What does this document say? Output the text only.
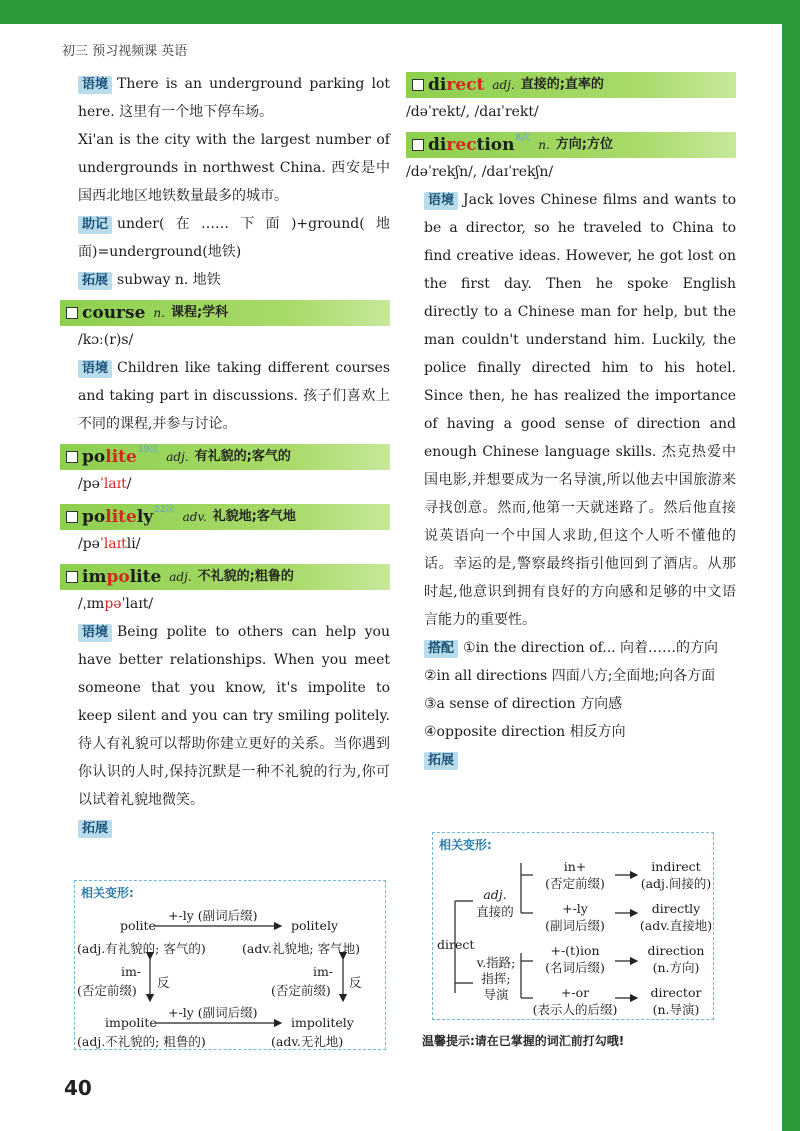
初三 预习视频课 英语
语境 There is an underground parking lot here. 这里有一个地下停车场。
Xi'an is the city with the largest number of undergrounds in northwest China. 西安是中国西北地区地铁数量最多的城市。
助记 under(在……下面)+ground(地面)=underground(地铁)
拓展 subway n. 地铁
course n. 课程;学科
/kɔː(r)s/
语境 Children like taking different courses and taking part in discussions. 孩子们喜欢上不同的课程,并参与讨论。
polite$^{19次}$ adj. 有礼貌的;客气的
/pəˈlaɪt/
politely$^{22次}$ adv. 礼貌地;客气地
/pəˈlaɪtli/
impolite adj. 不礼貌的;粗鲁的
/ˌɪmpəˈlaɪt/
语境 Being polite to others can help you have better relationships. When you meet someone that you know, it's impolite to keep silent and you can try smiling politely. 待人有礼貌可以帮助你建立更好的关系。当你遇到你认识的人时,保持沉默是一种不礼貌的行为,你可以试着礼貌地微笑。
拓展
相关变形:
polite
+-ly (副词后缀)
politely
(adj.有礼貌的; 客气的)	(adv.礼貌地; 客气地)
im-
(否定前缀)
反
im-
(否定前缀)
反
impolite
+-ly (副词后缀)
impolitely
(adj.不礼貌的; 粗鲁的)	(adv.无礼地)
direct adj. 直接的;直率的
/dəˈrekt/, /daɪˈrekt/
direction$^{8次}$ n. 方向;方位
/dəˈrekʃn/, /daɪˈrekʃn/
语境 Jack loves Chinese films and wants to be a director, so he traveled to China to find creative ideas. However, he got lost on the first day. Then he spoke English directly to a Chinese man for help, but the man couldn't understand him. Luckily, the police finally directed him to his hotel. Since then, he has realized the importance of having a good sense of direction and enough Chinese language skills. 杰克热爱中国电影,并想要成为一名导演,所以他去中国旅游来寻找创意。然而,他第一天就迷路了。然后他直接说英语向一个中国人求助,但这个人听不懂他的话。幸运的是,警察最终指引他回到了酒店。从那时起,他意识到拥有良好的方向感和足够的中文语言能力的重要性。
搭配 ①in the direction of... 向着……的方向
②in all directions 四面八方;全面地;向各方面
③a sense of direction 方向感
④opposite direction 相反方向
拓展
相关变形:
direct
adj.
直接的
v.指路;
指挥;
导演
in+
(否定前缀)
+-ly
(副词后缀)
+-(t)ion
(名词后缀)
+-or
(表示人的后缀)
indirect
(adj.间接的)
directly
(adv.直接地)
direction
(n.方向)
director
(n.导演)
温馨提示:请在已掌握的词汇前打勾哦!
40
